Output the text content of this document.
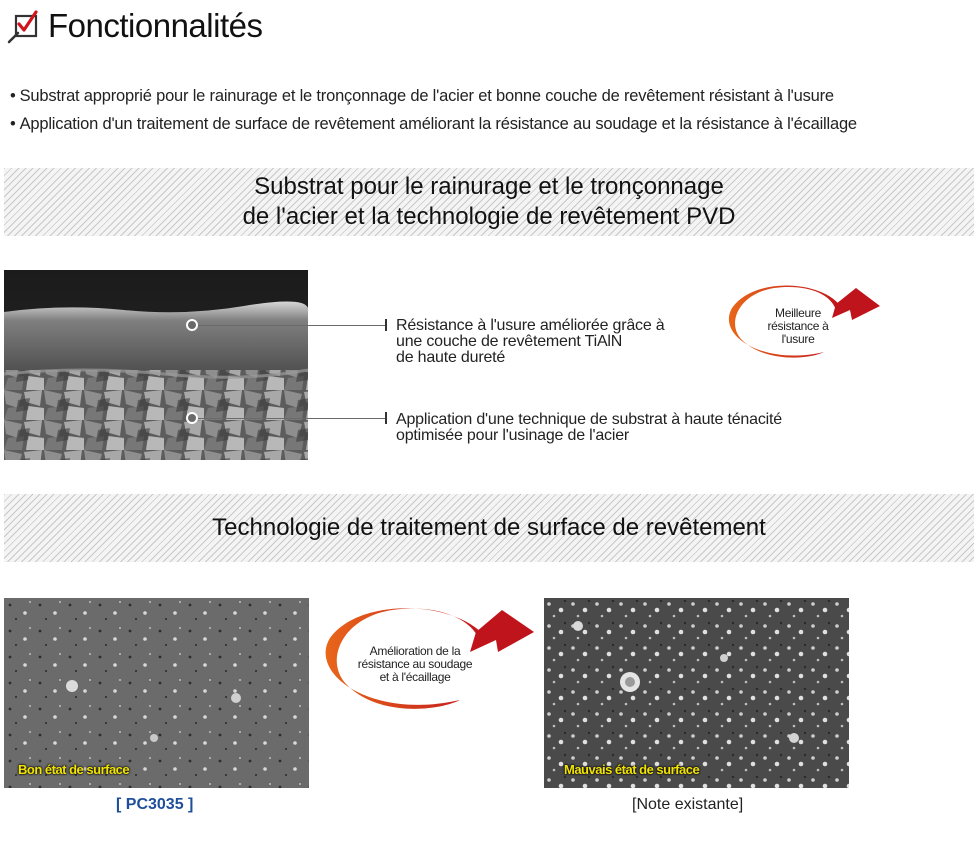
Fonctionnalités
• Substrat approprié pour le rainurage et le tronçonnage de l'acier et bonne couche de revêtement résistant à l'usure
• Application d'un traitement de surface de revêtement améliorant la résistance au soudage et la résistance à l'écaillage
Substrat pour le rainurage et le tronçonnage
de l'acier et la technologie de revêtement PVD
Résistance à l'usure améliorée grâce à
une couche de revêtement TiAlN
de haute dureté
Application d'une technique de substrat à haute ténacité
optimisée pour l'usinage de l'acier
Meilleure
résistance à
l'usure
Technologie de traitement de surface de revêtement
Bon état de surface
[ PC3035 ]
Amélioration de la
résistance au soudage
et à l'écaillage
Mauvais état de surface
[Note existante]
